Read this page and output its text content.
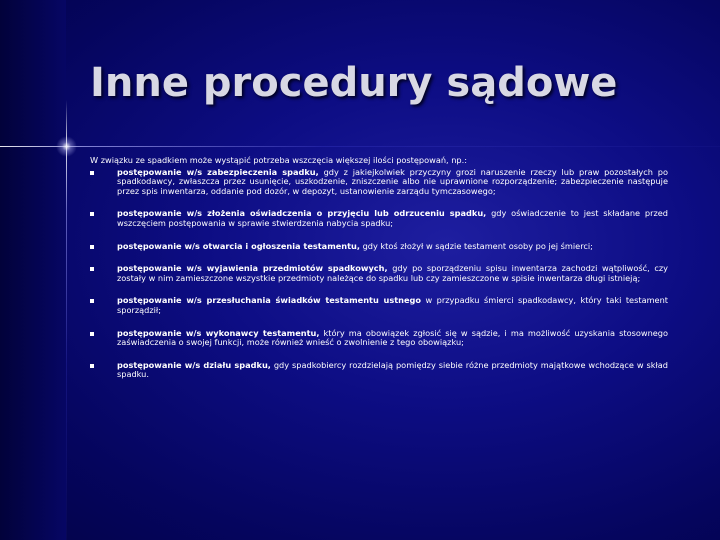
Inne procedury sądowe

W związku ze spadkiem może wystąpić potrzeba wszczęcia większej ilości postępowań, np.:

postępowanie w/s zabezpieczenia spadku, gdy z jakiejkolwiek przyczyny grozi naruszenie rzeczy lub praw pozostałych po spadkodawcy, zwłaszcza przez usunięcie, uszkodzenie, zniszczenie albo nie uprawnione rozporządzenie; zabezpieczenie następuje przez spis inwentarza, oddanie pod dozór, w depozyt, ustanowienie zarządu tymczasowego;
postępowanie w/s złożenia oświadczenia o przyjęciu lub odrzuceniu spadku, gdy oświadczenie to jest składane przed wszczęciem postępowania w sprawie stwierdzenia nabycia spadku;
postępowanie w/s otwarcia i ogłoszenia testamentu, gdy ktoś złożył w sądzie testament osoby po jej śmierci;
postępowanie w/s wyjawienia przedmiotów spadkowych, gdy po sporządzeniu spisu inwentarza zachodzi wątpliwość, czy zostały w nim zamieszczone wszystkie przedmioty należące do spadku lub czy zamieszczone w spisie inwentarza długi istnieją;
postępowanie w/s przesłuchania świadków testamentu ustnego w przypadku śmierci spadkodawcy, który taki testament sporządził;
postępowanie w/s wykonawcy testamentu, który ma obowiązek zgłosić się w sądzie, i ma możliwość uzyskania stosownego zaświadczenia o swojej funkcji, może również wnieść o zwolnienie z tego obowiązku;
postępowanie w/s działu spadku, gdy spadkobiercy rozdzielają pomiędzy siebie różne przedmioty majątkowe wchodzące w skład spadku.
